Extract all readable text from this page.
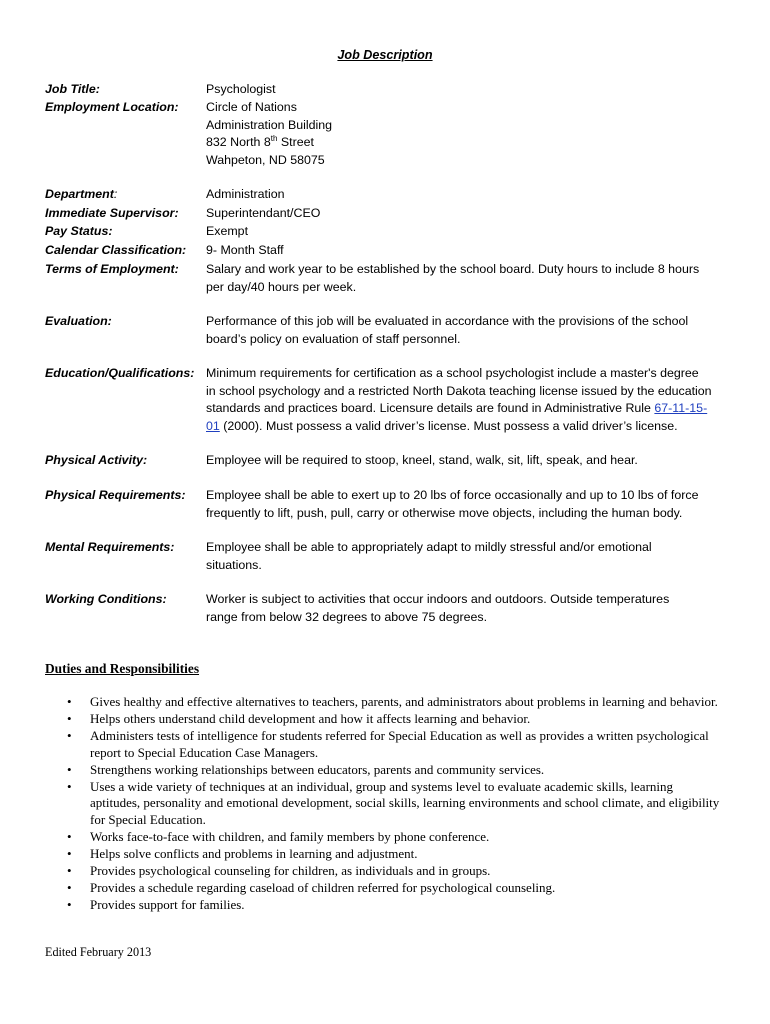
Job Description
Job Title:	Psychologist
Employment Location:	Circle of Nations
Administration Building
832 North 8th Street
Wahpeton, ND 58075
Department:	Administration
Immediate Supervisor:	Superintendant/CEO
Pay Status:	Exempt
Calendar Classification:	9- Month Staff
Terms of Employment:	Salary and work year to be established by the school board. Duty hours to include 8 hours
per day/40 hours per week.
Evaluation:	Performance of this job will be evaluated in accordance with the provisions of the school
board’s policy on evaluation of staff personnel.
Education/Qualifications: Minimum requirements for certification as a school psychologist include a master's degree
in school psychology and a restricted North Dakota teaching license issued by the education
standards and practices board. Licensure details are found in Administrative Rule 67-11-15-
01 (2000). Must possess a valid driver’s license. Must possess a valid driver’s license.
Physical Activity:	Employee will be required to stoop, kneel, stand, walk, sit, lift, speak, and hear.
Physical Requirements:	Employee shall be able to exert up to 20 lbs of force occasionally and up to 10 lbs of force
frequently to lift, push, pull, carry or otherwise move objects, including the human body.
Mental Requirements:	Employee shall be able to appropriately adapt to mildly stressful and/or emotional
situations.
Working Conditions:	Worker is subject to activities that occur indoors and outdoors. Outside temperatures
range from below 32 degrees to above 75 degrees.
Duties and Responsibilities
• Gives healthy and effective alternatives to teachers, parents, and administrators about problems in learning and behavior.
• Helps others understand child development and how it affects learning and behavior.
• Administers tests of intelligence for students referred for Special Education as well as provides a written psychological report to Special Education Case Managers.
• Strengthens working relationships between educators, parents and community services.
• Uses a wide variety of techniques at an individual, group and systems level to evaluate academic skills, learning aptitudes, personality and emotional development, social skills, learning environments and school climate, and eligibility for Special Education.
• Works face-to-face with children, and family members by phone conference.
• Helps solve conflicts and problems in learning and adjustment.
• Provides psychological counseling for children, as individuals and in groups.
• Provides a schedule regarding caseload of children referred for psychological counseling.
• Provides support for families.
Edited February 2013
